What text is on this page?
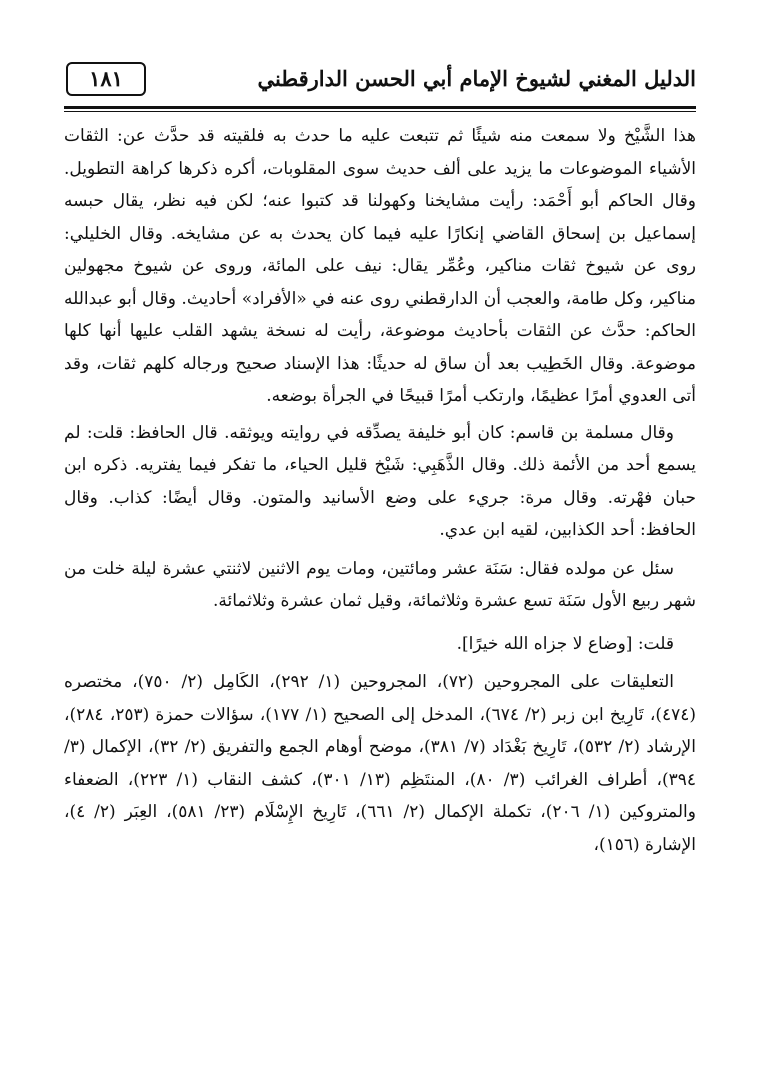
الدليل المغني لشيوخ الإمام أبي الحسن الدارقطني
١٨١

هذا الشَّيْخ ولا سمعت منه شيئًا ثم تتبعت عليه ما حدث به فلقيته قد حدَّث عن: الثقات الأشياء الموضوعات ما يزيد على ألف حديث سوى المقلوبات، أكره ذكرها كراهة التطويل. وقال الحاكم أبو أَحْمَد: رأيت مشايخنا وكهولنا قد كتبوا عنه؛ لكن فيه نظر، يقال حبسه إسماعيل بن إسحاق القاضي إنكارًا عليه فيما كان يحدث به عن مشايخه. وقال الخليلي: روى عن شيوخ ثقات مناكير، وعُمِّر يقال: نيف على المائة، وروى عن شيوخ مجهولين مناكير، وكل طامة، والعجب أن الدارقطني روى عنه في «الأفراد» أحاديث. وقال أبو عبدالله الحاكم: حدَّث عن الثقات بأحاديث موضوعة، رأيت له نسخة يشهد القلب عليها أنها كلها موضوعة. وقال الخَطِيب بعد أن ساق له حديثًا: هذا الإسناد صحيح ورجاله كلهم ثقات، وقد أتى العدوي أمرًا عظيمًا، وارتكب أمرًا قبيحًا في الجرأة بوضعه.

وقال مسلمة بن قاسم: كان أبو خليفة يصدِّقه في روايته ويوثقه. قال الحافظ: قلت: لم يسمع أحد من الأئمة ذلك. وقال الذَّهَبِي: شَيْخ قليل الحياء، ما تفكر فيما يفتريه. ذكره ابن حبان فهْرته. وقال مرة: جريء على وضع الأسانيد والمتون. وقال أيضًا: كذاب. وقال الحافظ: أحد الكذابين، لقيه ابن عدي.

سئل عن مولده فقال: سَنَة عشر ومائتين، ومات يوم الاثنين لاثنتي عشرة ليلة خلت من شهر ربيع الأول سَنَة تسع عشرة وثلاثمائة، وقيل ثمان عشرة وثلاثمائة.

قلت: [وضاع لا جزاه الله خيرًا].

التعليقات على المجروحين (٧٢)، المجروحين (١/ ٢٩٢)، الكَامِل (٢/ ٧٥٠)، مختصره (٤٧٤)، تَارِيخ ابن زبر (٢/ ٦٧٤)، المدخل إلى الصحيح (١/ ١٧٧)، سؤالات حمزة (٢٥٣، ٢٨٤)، الإرشاد (٢/ ٥٣٢)، تَارِيخ بَغْدَاد (٧/ ٣٨١)، موضح أوهام الجمع والتفريق (٢/ ٣٢)، الإكمال (٣/ ٣٩٤)، أطراف الغرائب (٣/ ٨٠)، المنتَظِم (١٣/ ٣٠١)، كشف النقاب (١/ ٢٢٣)، الضعفاء والمتروكين (١/ ٢٠٦)، تكملة الإكمال (٢/ ٦٦١)، تَارِيخ الإِسْلَام (٢٣/ ٥٨١)، العِبَر (٢/ ٤)، الإشارة (١٥٦)،
